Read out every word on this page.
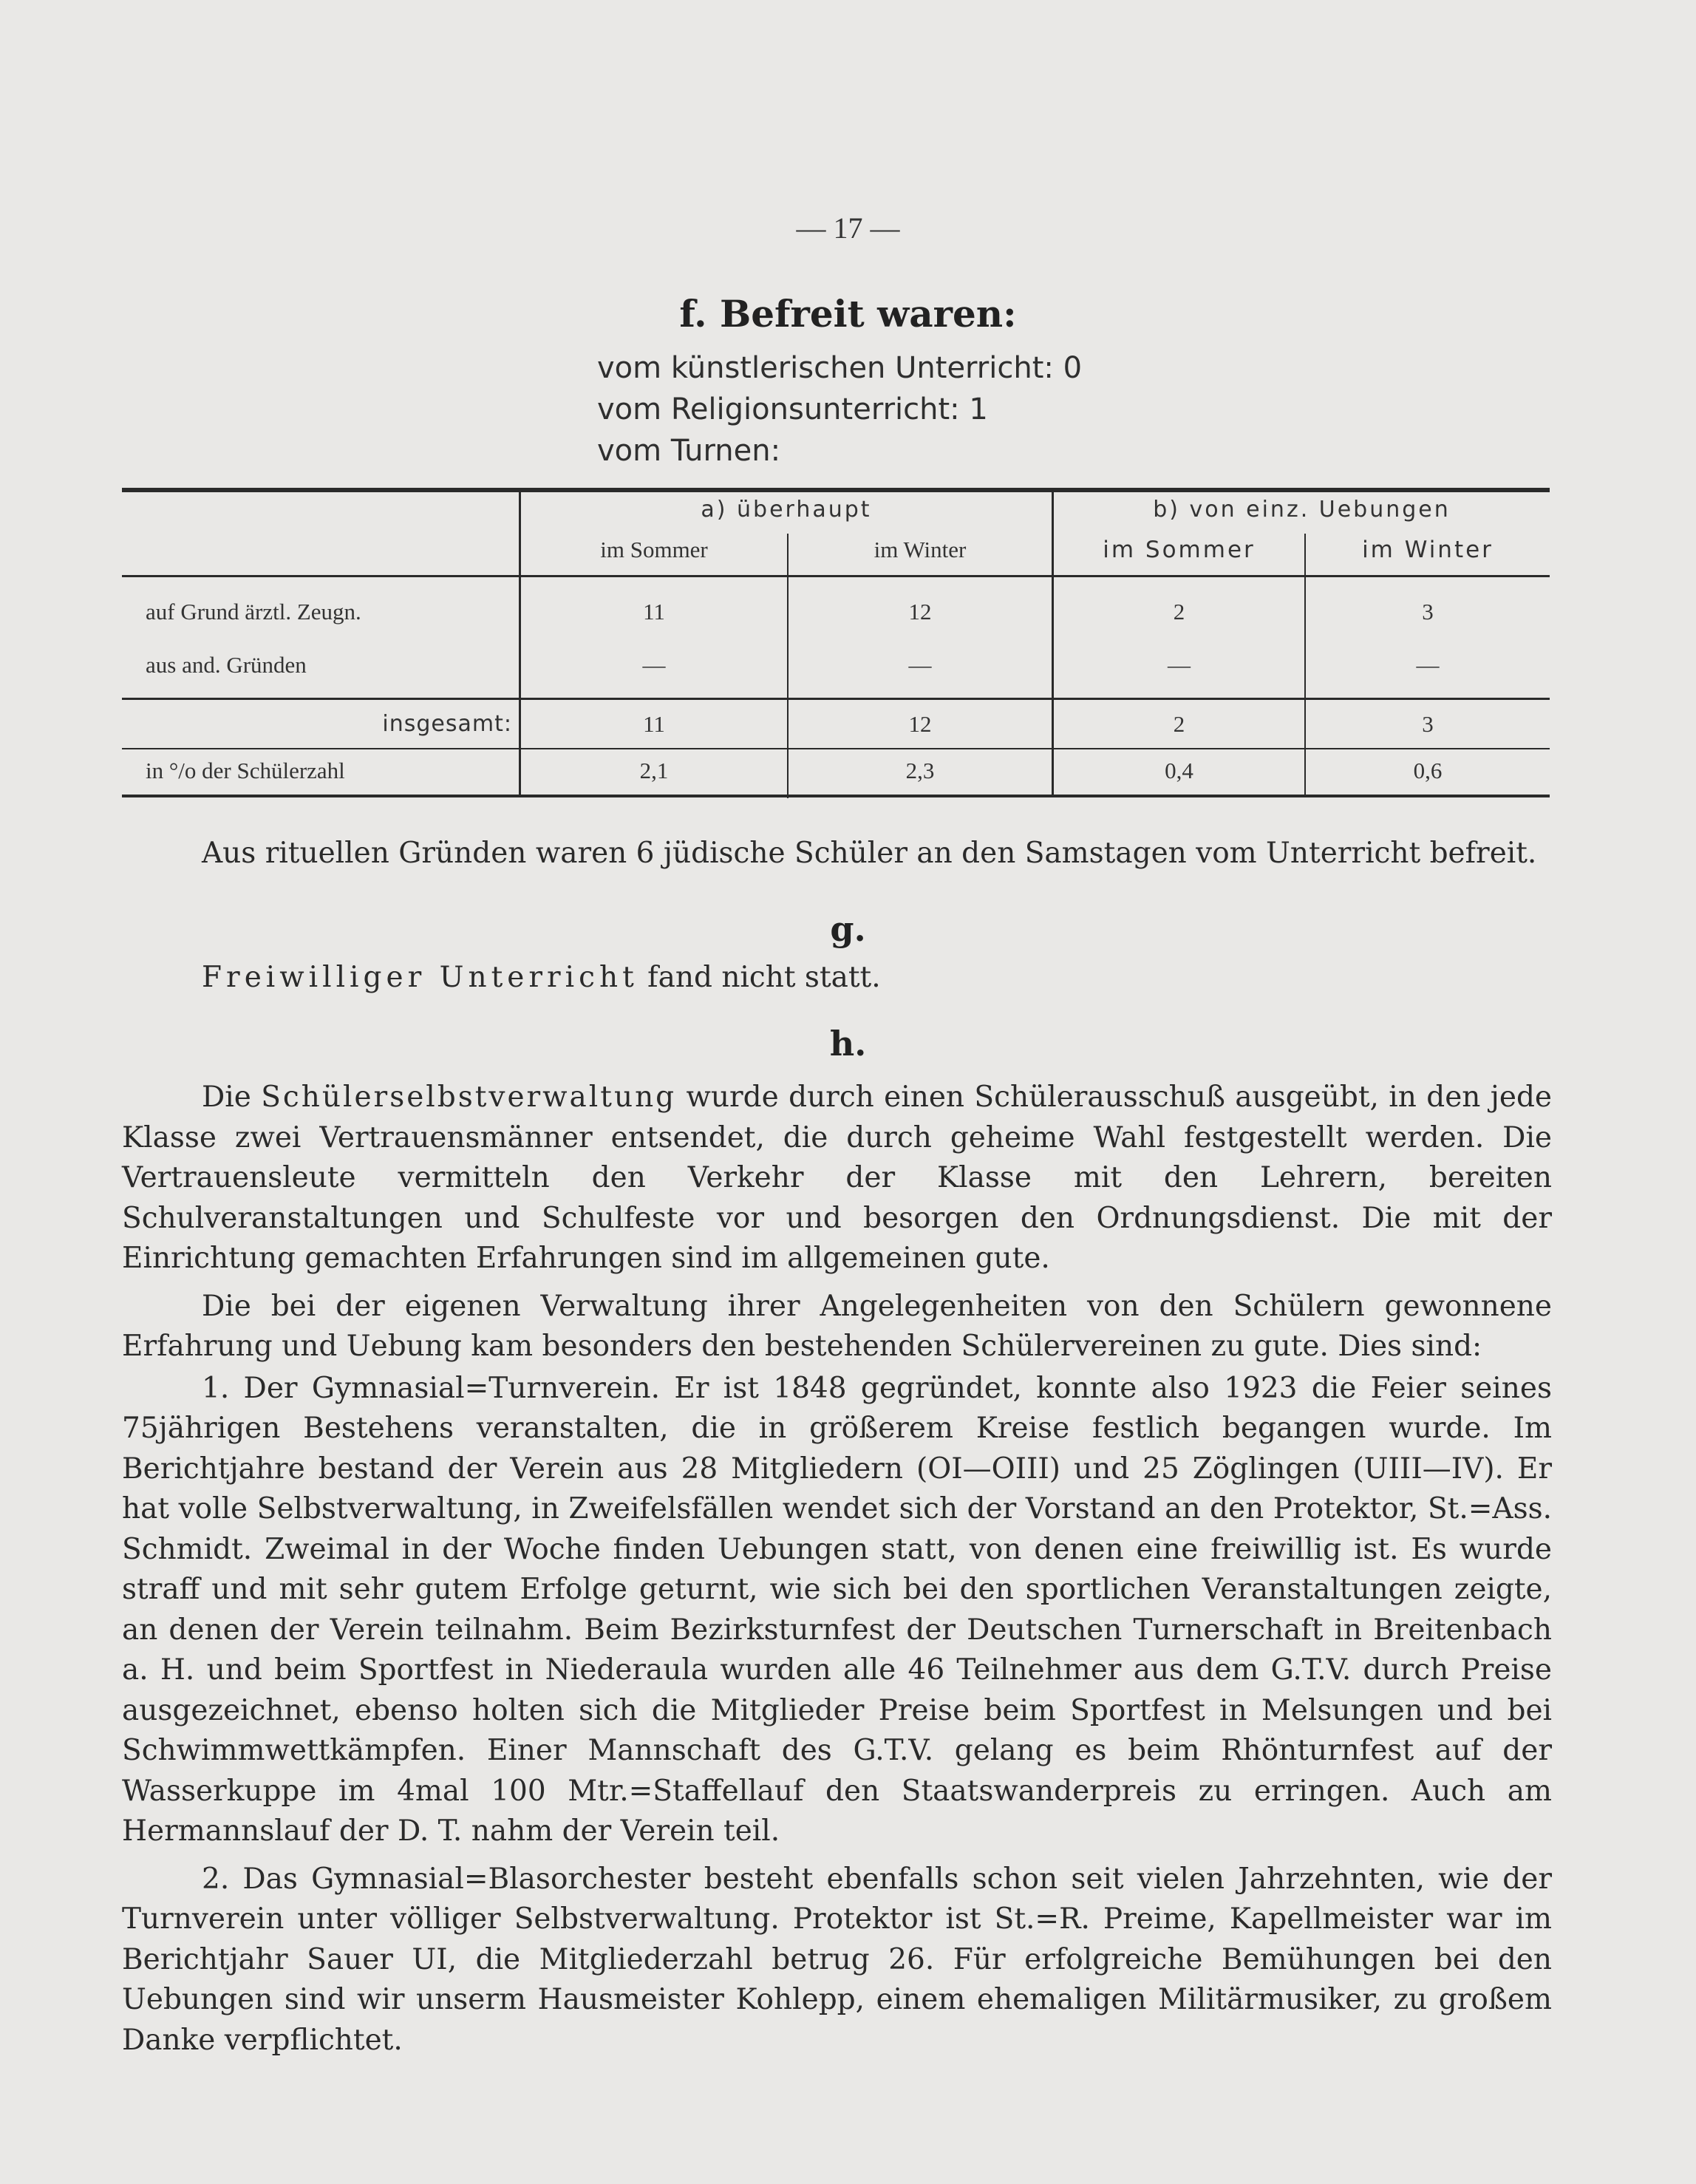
— 17 —
f. Befreit waren:
vom künstlerischen Unterricht: 0
vom Religionsunterricht: 1
vom Turnen:
a) überhaupt	b) von einz. Uebungen
im Sommer	im Winter	im Sommer	im Winter
auf Grund ärztl. Zeugn.	11	12	2	3
aus and. Gründen	—	—	—	—
insgesamt:	11	12	2	3
in °/o der Schülerzahl	2,1	2,3	0,4	0,6
Aus rituellen Gründen waren 6 jüdische Schüler an den Samstagen vom Unterricht befreit.
g.
Freiwilliger Unterricht fand nicht statt.
h.

Die Schülerselbstverwaltung wurde durch einen Schülerausschuß ausgeübt, in den jede Klasse zwei Vertrauensmänner entsendet, die durch geheime Wahl festgestellt werden. Die Vertrauensleute vermitteln den Verkehr der Klasse mit den Lehrern, bereiten Schulveranstaltungen und Schulfeste vor und besorgen den Ordnungsdienst. Die mit der Einrichtung gemachten Erfahrungen sind im allgemeinen gute.

Die bei der eigenen Verwaltung ihrer Angelegenheiten von den Schülern gewonnene Erfahrung und Uebung kam besonders den bestehenden Schülervereinen zu gute. Dies sind:

1. Der Gymnasial=Turnverein. Er ist 1848 gegründet, konnte also 1923 die Feier seines 75jährigen Bestehens veranstalten, die in größerem Kreise festlich begangen wurde. Im Berichtjahre bestand der Verein aus 28 Mitgliedern (OI—OIII) und 25 Zöglingen (UIII—IV). Er hat volle Selbstverwaltung, in Zweifelsfällen wendet sich der Vorstand an den Protektor, St.=Ass. Schmidt. Zweimal in der Woche finden Uebungen statt, von denen eine freiwillig ist. Es wurde straff und mit sehr gutem Erfolge geturnt, wie sich bei den sportlichen Veranstaltungen zeigte, an denen der Verein teilnahm. Beim Bezirksturnfest der Deutschen Turnerschaft in Breitenbach a. H. und beim Sportfest in Niederaula wurden alle 46 Teilnehmer aus dem G.T.V. durch Preise ausgezeichnet, ebenso holten sich die Mitglieder Preise beim Sportfest in Melsungen und bei Schwimmwettkämpfen. Einer Mannschaft des G.T.V. gelang es beim Rhönturnfest auf der Wasserkuppe im 4mal 100 Mtr.=Staffellauf den Staatswanderpreis zu erringen. Auch am Hermannslauf der D. T. nahm der Verein teil.

2. Das Gymnasial=Blasorchester besteht ebenfalls schon seit vielen Jahrzehnten, wie der Turnverein unter völliger Selbstverwaltung. Protektor ist St.=R. Preime, Kapellmeister war im Berichtjahr Sauer UI, die Mitgliederzahl betrug 26. Für erfolgreiche Bemühungen bei den Uebungen sind wir unserm Hausmeister Kohlepp, einem ehemaligen Militärmusiker, zu großem Danke verpflichtet.
